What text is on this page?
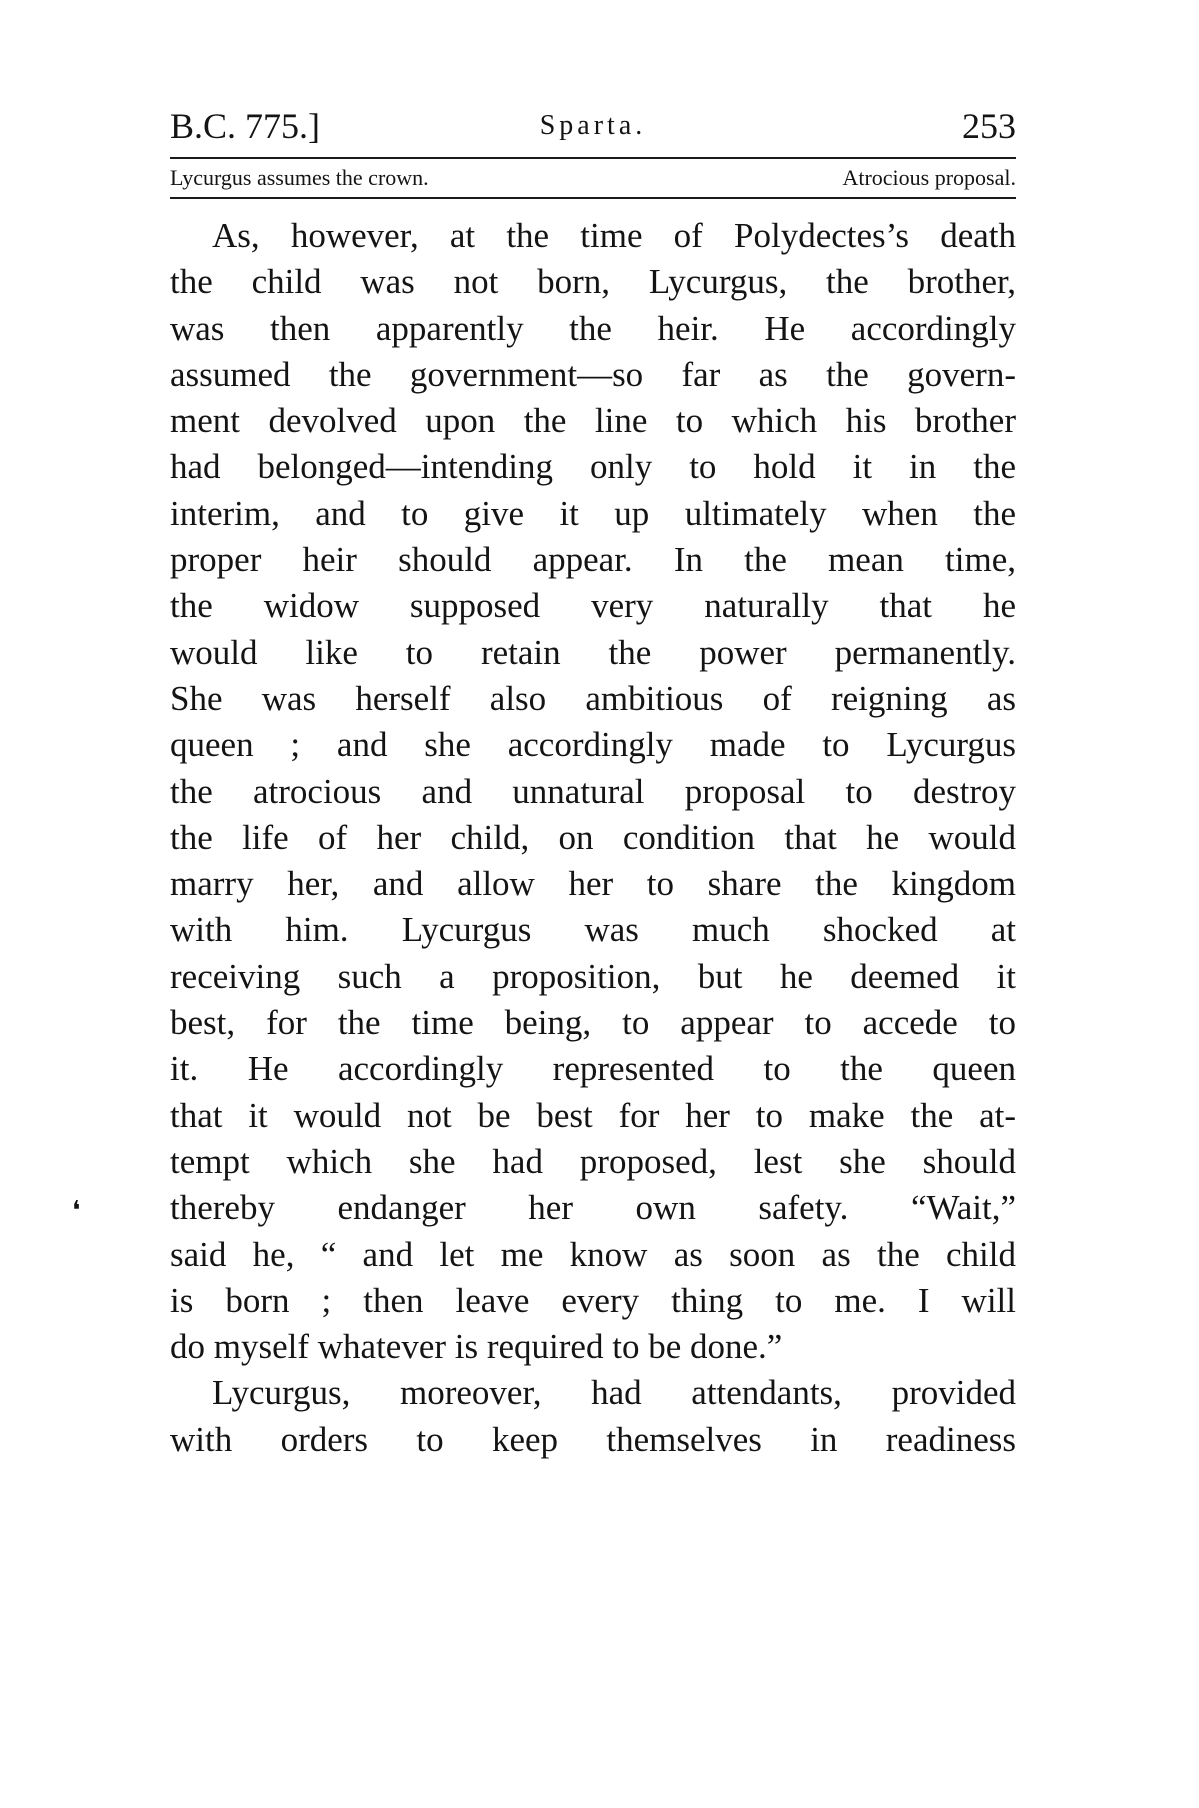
B.C. 775.]	Sparta.	253
Lycurgus assumes the crown.	Atrocious proposal.

As, however, at the time of Polydectes’s death
the child was not born, Lycurgus, the brother,
was then apparently the heir. He accordingly
assumed the government—so far as the govern-
ment devolved upon the line to which his brother
had belonged—intending only to hold it in the
interim, and to give it up ultimately when the
proper heir should appear. In the mean time,
the widow supposed very naturally that he
would like to retain the power permanently.
She was herself also ambitious of reigning as
queen ; and she accordingly made to Lycurgus
the atrocious and unnatural proposal to destroy
the life of her child, on condition that he would
marry her, and allow her to share the kingdom
with him. Lycurgus was much shocked at
receiving such a proposition, but he deemed it
best, for the time being, to appear to accede to
it. He accordingly represented to the queen
that it would not be best for her to make the at-
tempt which she had proposed, lest she should
thereby endanger her own safety. “Wait,”
said he, “ and let me know as soon as the child
is born ; then leave every thing to me. I will
do myself whatever is required to be done.”

Lycurgus, moreover, had attendants, provided
with orders to keep themselves in readiness

❛
